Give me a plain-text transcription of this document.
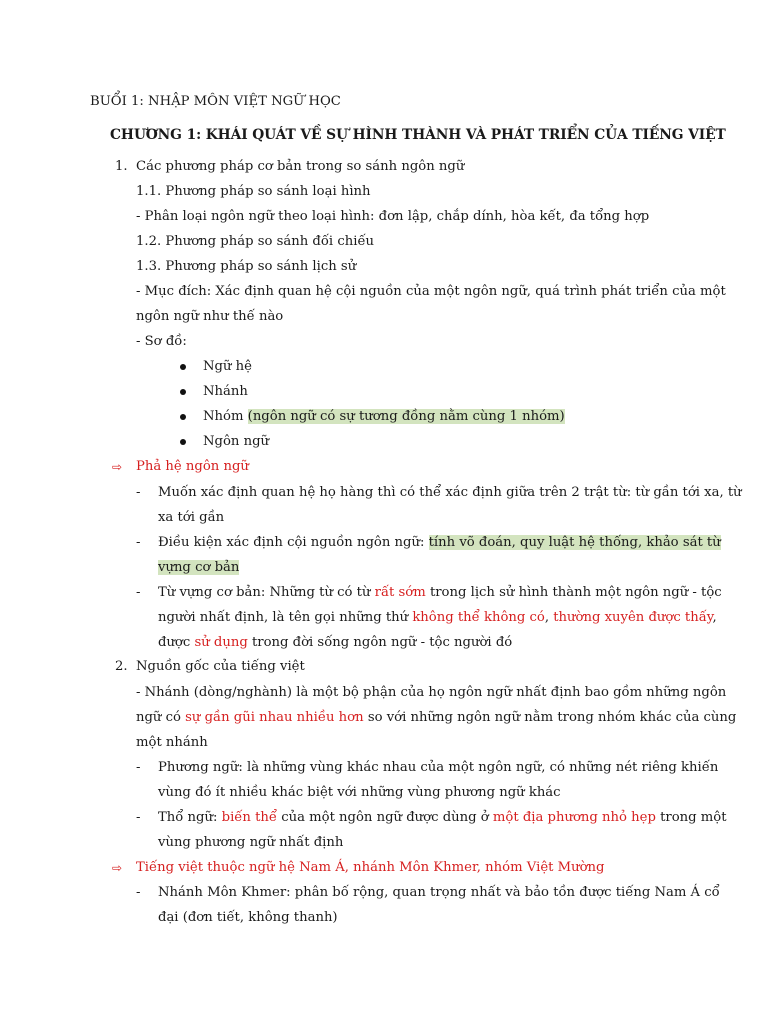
BUỔI 1: NHẬP MÔN VIỆT NGỮ HỌC
CHƯƠNG 1: KHÁI QUÁT VỀ SỰ HÌNH THÀNH VÀ PHÁT TRIỂN CỦA TIẾNG VIỆT
1. Các phương pháp cơ bản trong so sánh ngôn ngữ
1.1. Phương pháp so sánh loại hình
- Phân loại ngôn ngữ theo loại hình: đơn lập, chắp dính, hòa kết, đa tổng hợp
1.2. Phương pháp so sánh đối chiếu
1.3. Phương pháp so sánh lịch sử
- Mục đích: Xác định quan hệ cội nguồn của một ngôn ngữ, quá trình phát triển của một
ngôn ngữ như thế nào
- Sơ đồ:
Ngữ hệ
Nhánh
Nhóm (ngôn ngữ có sự tương đồng nằm cùng 1 nhóm)
Ngôn ngữ
⇨ Phả hệ ngôn ngữ
- Muốn xác định quan hệ họ hàng thì có thể xác định giữa trên 2 trật từ: từ gần tới xa, từ
xa tới gần
- Điều kiện xác định cội nguồn ngôn ngữ: tính võ đoán, quy luật hệ thống, khảo sát từ
vựng cơ bản
- Từ vựng cơ bản: Những từ có từ rất sớm trong lịch sử hình thành một ngôn ngữ - tộc
người nhất định, là tên gọi những thứ không thể không có, thường xuyên được thấy,
được sử dụng trong đời sống ngôn ngữ - tộc người đó
2. Nguồn gốc của tiếng việt
- Nhánh (dòng/nghành) là một bộ phận của họ ngôn ngữ nhất định bao gồm những ngôn
ngữ có sự gần gũi nhau nhiều hơn so với những ngôn ngữ nằm trong nhóm khác của cùng
một nhánh
- Phương ngữ: là những vùng khác nhau của một ngôn ngữ, có những nét riêng khiến
vùng đó ít nhiều khác biệt với những vùng phương ngữ khác
- Thổ ngữ: biến thể của một ngôn ngữ được dùng ở một địa phương nhỏ hẹp trong một
vùng phương ngữ nhất định
⇨ Tiếng việt thuộc ngữ hệ Nam Á, nhánh Môn Khmer, nhóm Việt Mường
- Nhánh Môn Khmer: phân bố rộng, quan trọng nhất và bảo tồn được tiếng Nam Á cổ
đại (đơn tiết, không thanh)
